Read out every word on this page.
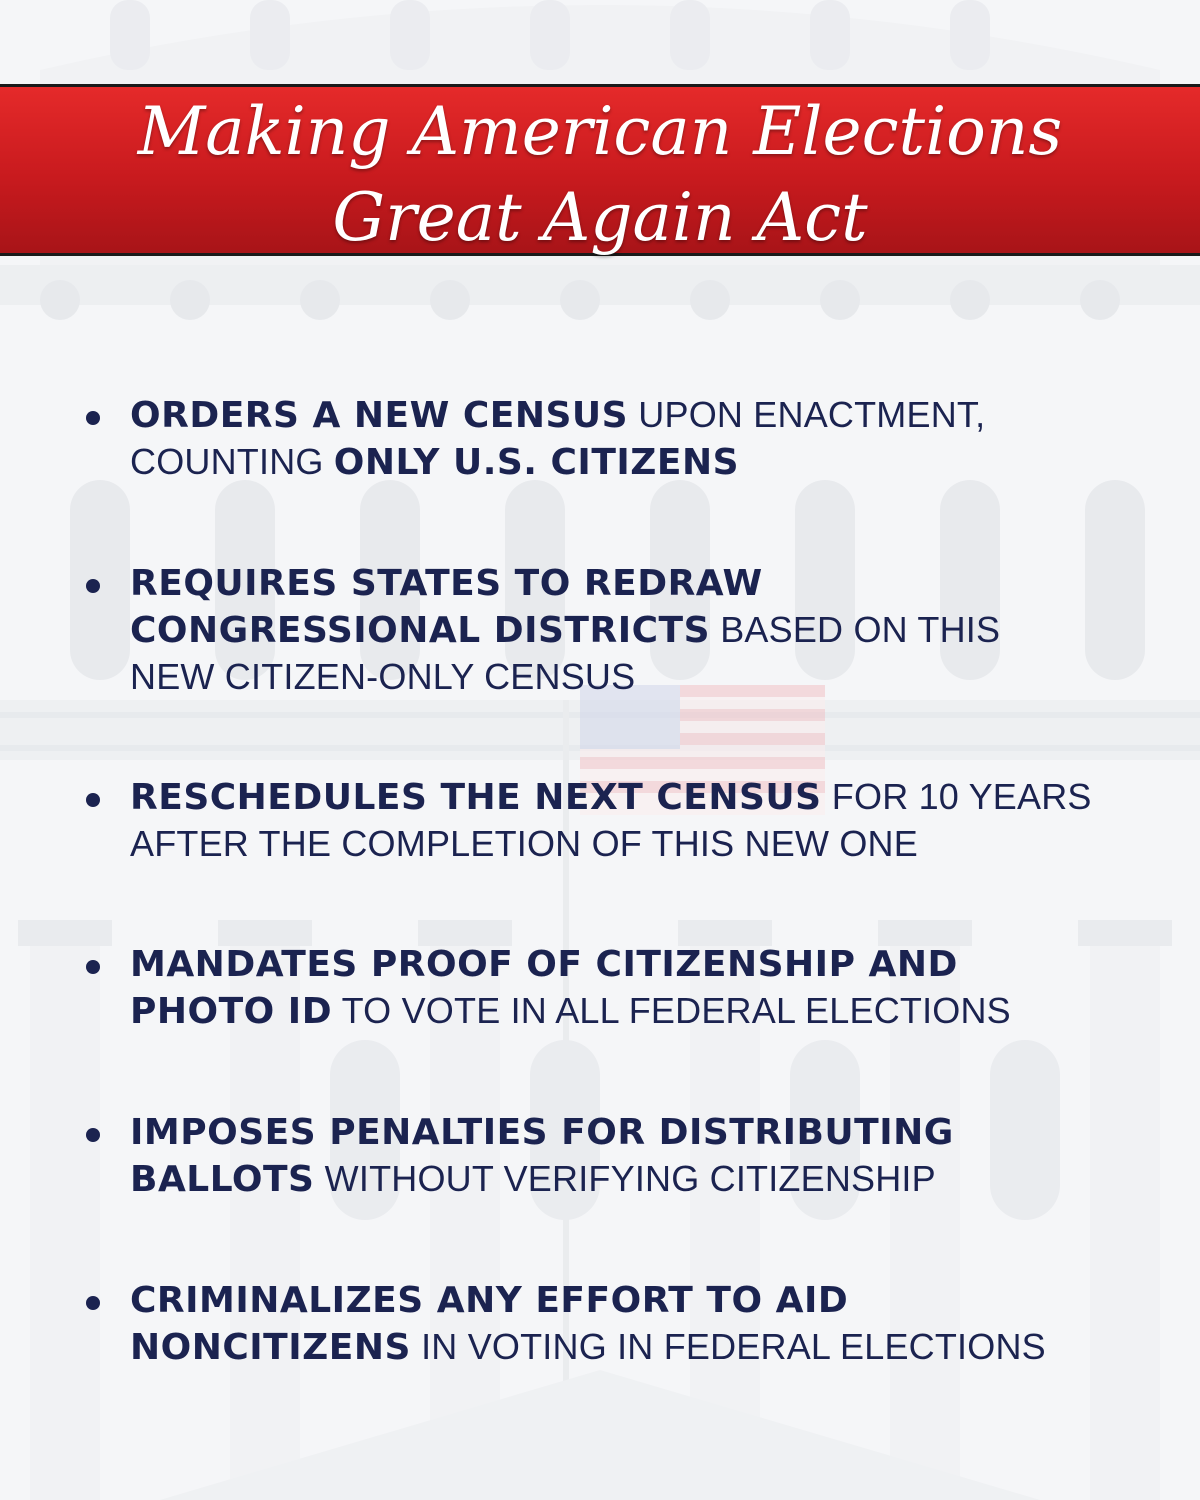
Making American Elections
Great Again Act
ORDERS A NEW CENSUS UPON ENACTMENT,
COUNTING ONLY U.S. CITIZENS
REQUIRES STATES TO REDRAW
CONGRESSIONAL DISTRICTS BASED ON THIS
NEW CITIZEN-ONLY CENSUS
RESCHEDULES THE NEXT CENSUS FOR 10 YEARS
AFTER THE COMPLETION OF THIS NEW ONE
MANDATES PROOF OF CITIZENSHIP AND
PHOTO ID TO VOTE IN ALL FEDERAL ELECTIONS
IMPOSES PENALTIES FOR DISTRIBUTING
BALLOTS WITHOUT VERIFYING CITIZENSHIP
CRIMINALIZES ANY EFFORT TO AID
NONCITIZENS IN VOTING IN FEDERAL ELECTIONS
